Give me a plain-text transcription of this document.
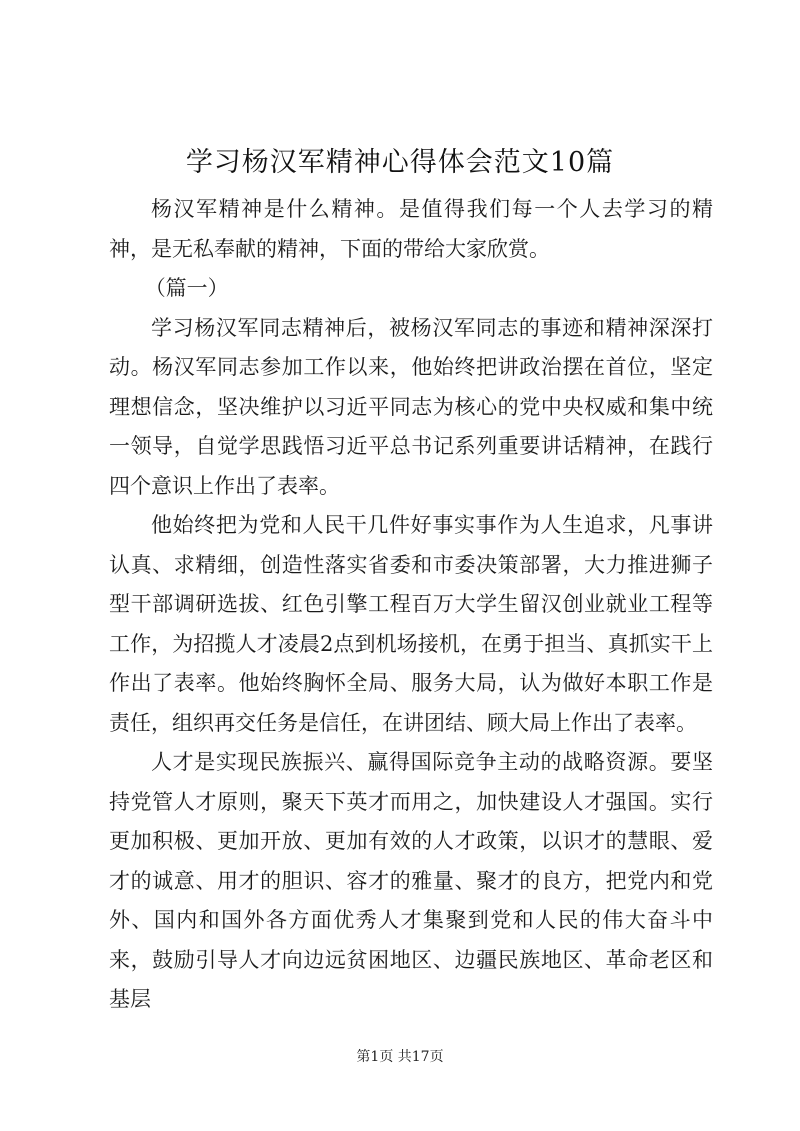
学习杨汉军精神心得体会范文10篇

杨汉军精神是什么精神。是值得我们每一个人去学习的精神，是无私奉献的精神，下面的带给大家欣赏。

（篇一）

学习杨汉军同志精神后，被杨汉军同志的事迹和精神深深打动。杨汉军同志参加工作以来，他始终把讲政治摆在首位，坚定理想信念，坚决维护以习近平同志为核心的党中央权威和集中统一领导，自觉学思践悟习近平总书记系列重要讲话精神，在践行四个意识上作出了表率。

他始终把为党和人民干几件好事实事作为人生追求，凡事讲认真、求精细，创造性落实省委和市委决策部署，大力推进狮子型干部调研选拔、红色引擎工程百万大学生留汉创业就业工程等工作，为招揽人才凌晨2点到机场接机，在勇于担当、真抓实干上作出了表率。他始终胸怀全局、服务大局，认为做好本职工作是责任，组织再交任务是信任，在讲团结、顾大局上作出了表率。

人才是实现民族振兴、赢得国际竞争主动的战略资源。要坚持党管人才原则，聚天下英才而用之，加快建设人才强国。实行更加积极、更加开放、更加有效的人才政策，以识才的慧眼、爱才的诚意、用才的胆识、容才的雅量、聚才的良方，把党内和党外、国内和国外各方面优秀人才集聚到党和人民的伟大奋斗中来，鼓励引导人才向边远贫困地区、边疆民族地区、革命老区和基层

第1页 共17页
